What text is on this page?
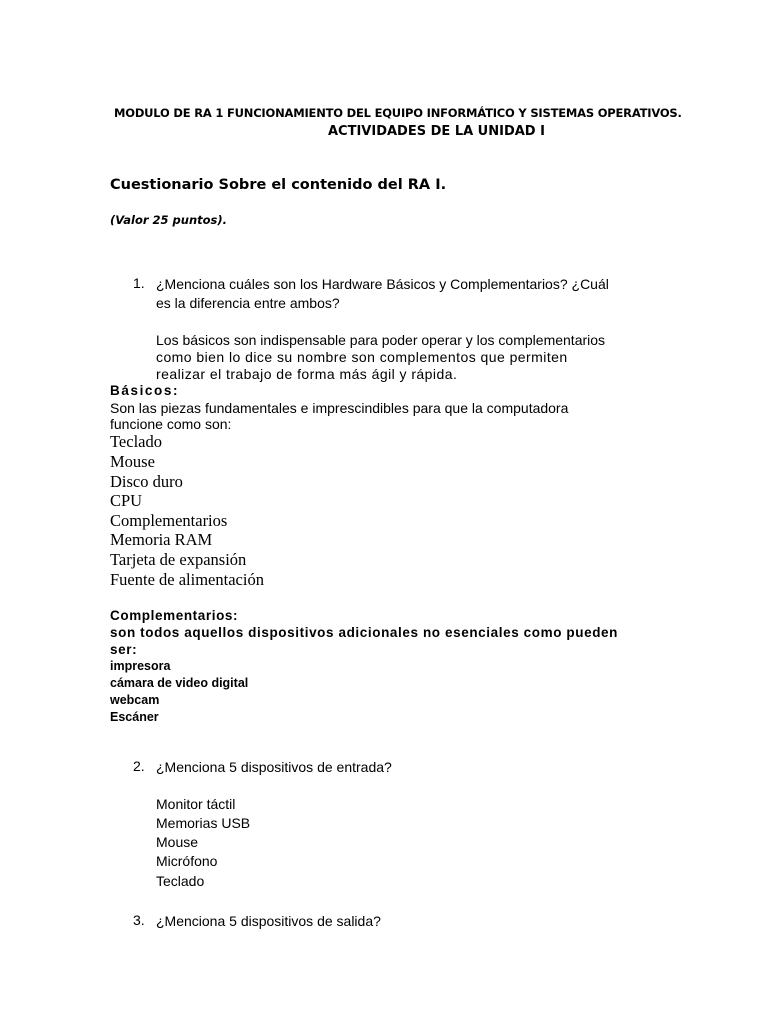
MODULO DE RA 1 FUNCIONAMIENTO DEL EQUIPO INFORMÁTICO Y SISTEMAS OPERATIVOS.
ACTIVIDADES DE LA UNIDAD I
Cuestionario Sobre el contenido del RA I.
(Valor 25 puntos).
1. ¿Menciona cuáles son los Hardware Básicos y Complementarios? ¿Cuál
es la diferencia entre ambos?
Los básicos son indispensable para poder operar y los complementarios
como bien lo dice su nombre son complementos que permiten
realizar el trabajo de forma más ágil y rápida.
Básicos:
Son las piezas fundamentales e imprescindibles para que la computadora
funcione como son:
Teclado
Mouse
Disco duro
CPU
Complementarios
Memoria RAM
Tarjeta de expansión
Fuente de alimentación
Complementarios:
son todos aquellos dispositivos adicionales no esenciales como pueden
ser:
impresora
cámara de video digital
webcam
Escáner
2. ¿Menciona 5 dispositivos de entrada?
Monitor táctil
Memorias USB
Mouse
Micrófono
Teclado
3. ¿Menciona 5 dispositivos de salida?
